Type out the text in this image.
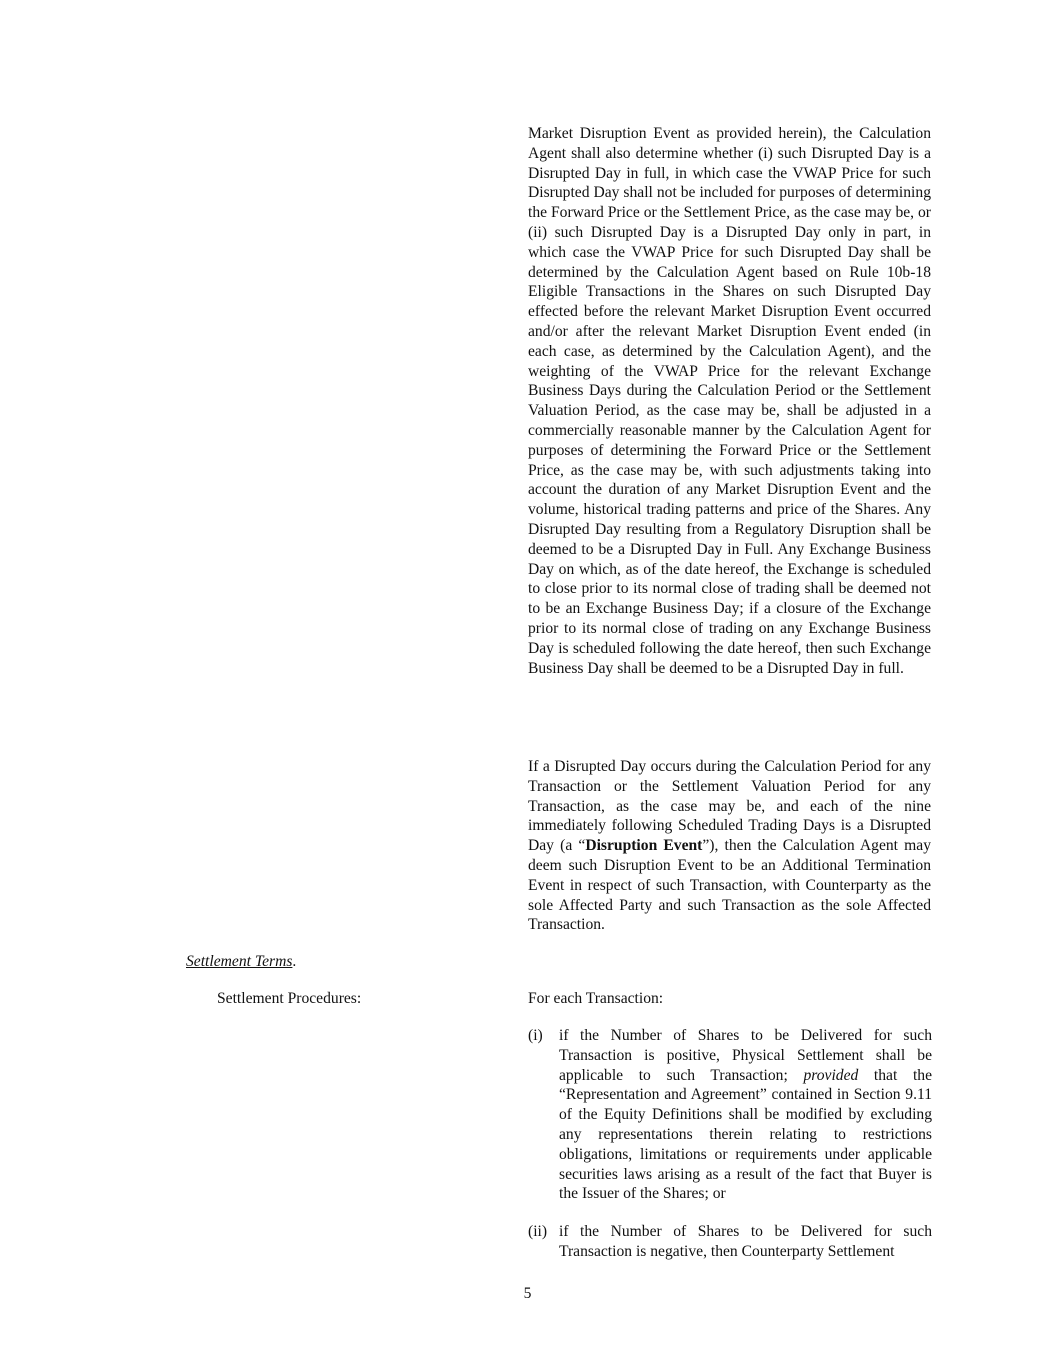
Market Disruption Event as provided herein), the Calculation Agent shall also determine whether (i) such Disrupted Day is a Disrupted Day in full, in which case the VWAP Price for such Disrupted Day shall not be included for purposes of determining the Forward Price or the Settlement Price, as the case may be, or (ii) such Disrupted Day is a Disrupted Day only in part, in which case the VWAP Price for such Disrupted Day shall be determined by the Calculation Agent based on Rule 10b-18 Eligible Transactions in the Shares on such Disrupted Day effected before the relevant Market Disruption Event occurred and/or after the relevant Market Disruption Event ended (in each case, as determined by the Calculation Agent), and the weighting of the VWAP Price for the relevant Exchange Business Days during the Calculation Period or the Settlement Valuation Period, as the case may be, shall be adjusted in a commercially reasonable manner by the Calculation Agent for purposes of determining the Forward Price or the Settlement Price, as the case may be, with such adjustments taking into account the duration of any Market Disruption Event and the volume, historical trading patterns and price of the Shares. Any Disrupted Day resulting from a Regulatory Disruption shall be deemed to be a Disrupted Day in Full. Any Exchange Business Day on which, as of the date hereof, the Exchange is scheduled to close prior to its normal close of trading shall be deemed not to be an Exchange Business Day; if a closure of the Exchange prior to its normal close of trading on any Exchange Business Day is scheduled following the date hereof, then such Exchange Business Day shall be deemed to be a Disrupted Day in full.

If a Disrupted Day occurs during the Calculation Period for any Transaction or the Settlement Valuation Period for any Transaction, as the case may be, and each of the nine immediately following Scheduled Trading Days is a Disrupted Day (a “Disruption Event”), then the Calculation Agent may deem such Disruption Event to be an Additional Termination Event in respect of such Transaction, with Counterparty as the sole Affected Party and such Transaction as the sole Affected Transaction.

Settlement Terms.

Settlement Procedures:	For each Transaction:

(i) if the Number of Shares to be Delivered for such Transaction is positive, Physical Settlement shall be applicable to such Transaction; provided that the “Representation and Agreement” contained in Section 9.11 of the Equity Definitions shall be modified by excluding any representations therein relating to restrictions obligations, limitations or requirements under applicable securities laws arising as a result of the fact that Buyer is the Issuer of the Shares; or
(ii) if the Number of Shares to be Delivered for such Transaction is negative, then Counterparty Settlement
5
